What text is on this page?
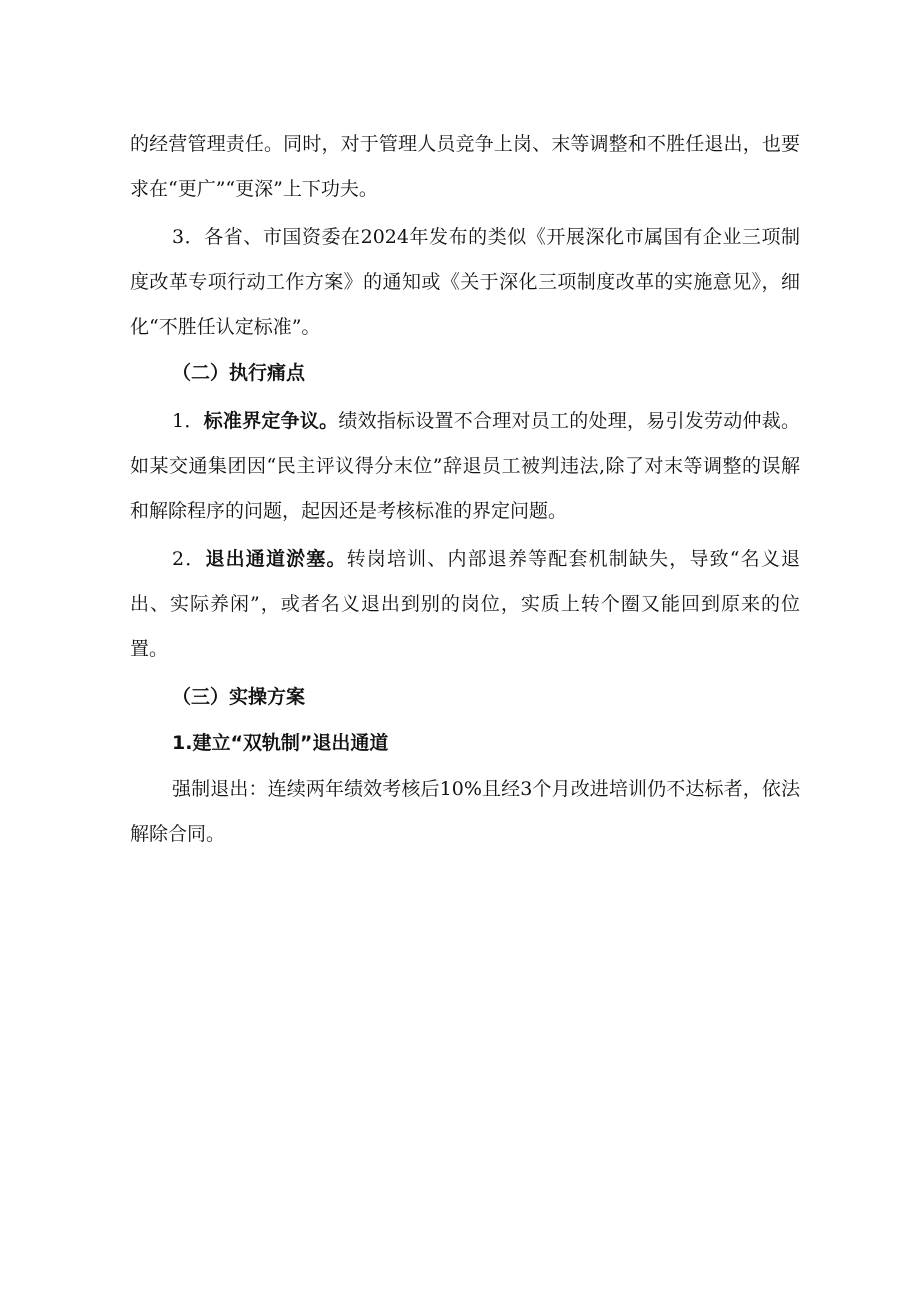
的经营管理责任。同时，对于管理人员竞争上岗、末等调整和不胜任退出，也要求在“更广”“更深”上下功夫。

3．各省、市国资委在2024年发布的类似《开展深化市属国有企业三项制度改革专项行动工作方案》的通知或《关于深化三项制度改革的实施意见》，细化“不胜任认定标准”。

（二）执行痛点

1．标准界定争议。绩效指标设置不合理对员工的处理，易引发劳动仲裁。如某交通集团因“民主评议得分末位”辞退员工被判违法,除了对末等调整的误解和解除程序的问题，起因还是考核标准的界定问题。

2．退出通道淤塞。转岗培训、内部退养等配套机制缺失，导致“名义退出、实际养闲”，或者名义退出到别的岗位，实质上转个圈又能回到原来的位置。

（三）实操方案

1.建立“双轨制”退出通道

强制退出：连续两年绩效考核后10%且经3个月改进培训仍不达标者，依法解除合同。
